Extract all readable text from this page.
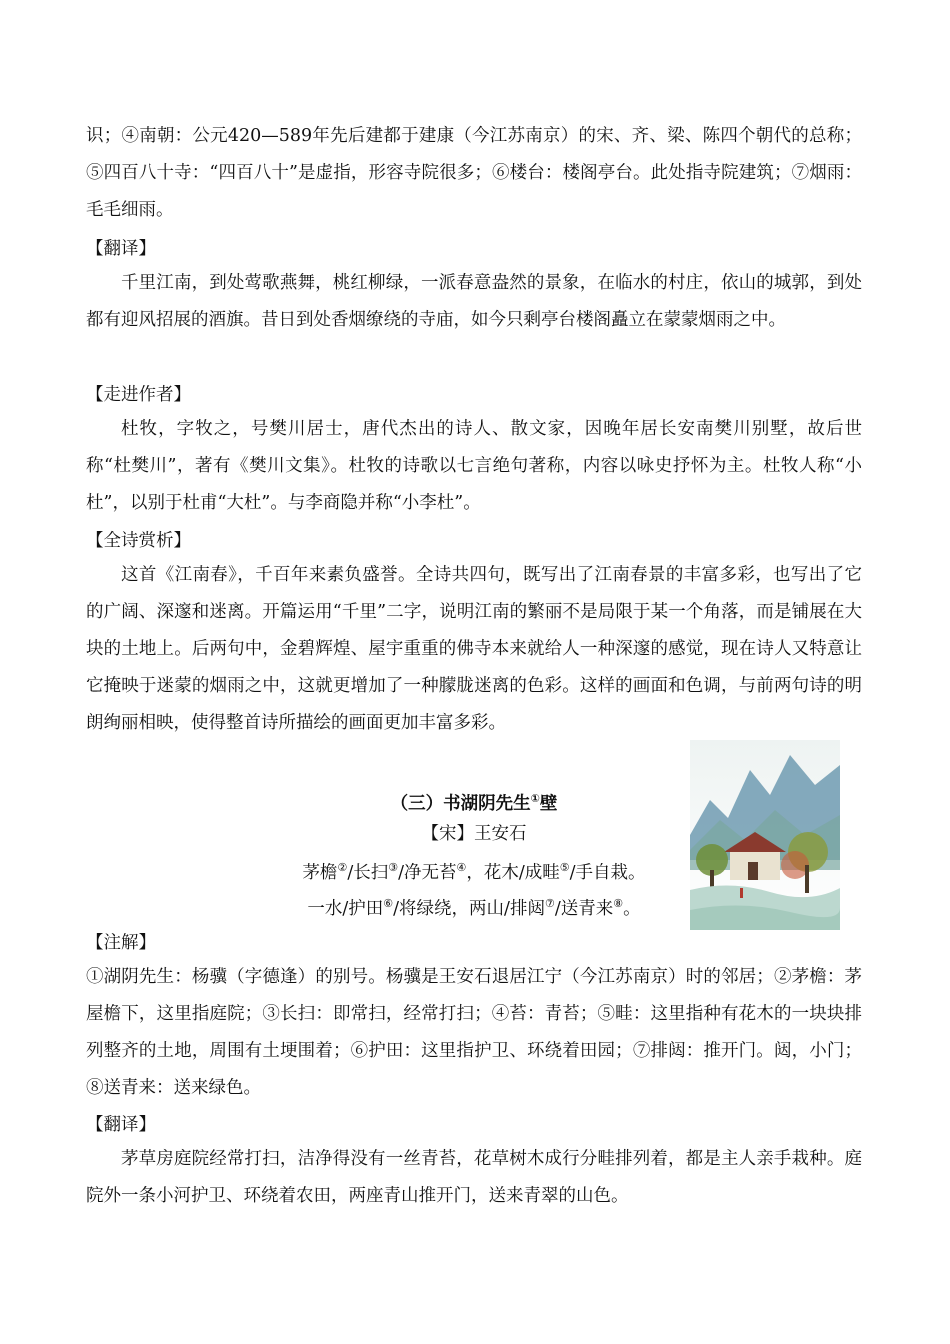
识；④南朝：公元420—589年先后建都于建康（今江苏南京）的宋、齐、梁、陈四个朝代的总称；⑤四百八十寺：“四百八十”是虚指，形容寺院很多；⑥楼台：楼阁亭台。此处指寺院建筑；⑦烟雨：毛毛细雨。

【翻译】

千里江南，到处莺歌燕舞，桃红柳绿，一派春意盎然的景象，在临水的村庄，依山的城郭，到处都有迎风招展的酒旗。昔日到处香烟缭绕的寺庙，如今只剩亭台楼阁矗立在蒙蒙烟雨之中。

【走进作者】

杜牧，字牧之，号樊川居士，唐代杰出的诗人、散文家，因晚年居长安南樊川别墅，故后世称“杜樊川”，著有《樊川文集》。杜牧的诗歌以七言绝句著称，内容以咏史抒怀为主。杜牧人称“小杜”，以别于杜甫“大杜”。与李商隐并称“小李杜”。

【全诗赏析】

这首《江南春》，千百年来素负盛誉。全诗共四句，既写出了江南春景的丰富多彩，也写出了它的广阔、深邃和迷离。开篇运用“千里”二字，说明江南的繁丽不是局限于某一个角落，而是铺展在大块的土地上。后两句中，金碧辉煌、屋宇重重的佛寺本来就给人一种深邃的感觉，现在诗人又特意让它掩映于迷蒙的烟雨之中，这就更增加了一种朦胧迷离的色彩。这样的画面和色调，与前两句诗的明朗绚丽相映，使得整首诗所描绘的画面更加丰富多彩。

（三）书湖阴先生①壁

【宋】王安石

茅檐②/长扫③/净无苔④，花木/成畦⑤/手自栽。

一水/护田⑥/将绿绕，两山/排闼⑦/送青来⑧。

【注解】

①湖阴先生：杨骥（字德逢）的别号。杨骥是王安石退居江宁（今江苏南京）时的邻居；②茅檐：茅屋檐下，这里指庭院；③长扫：即常扫，经常打扫；④苔：青苔；⑤畦：这里指种有花木的一块块排列整齐的土地，周围有土埂围着；⑥护田：这里指护卫、环绕着田园；⑦排闼：推开门。闼，小门；⑧送青来：送来绿色。

【翻译】

茅草房庭院经常打扫，洁净得没有一丝青苔，花草树木成行分畦排列着，都是主人亲手栽种。庭院外一条小河护卫、环绕着农田，两座青山推开门，送来青翠的山色。
